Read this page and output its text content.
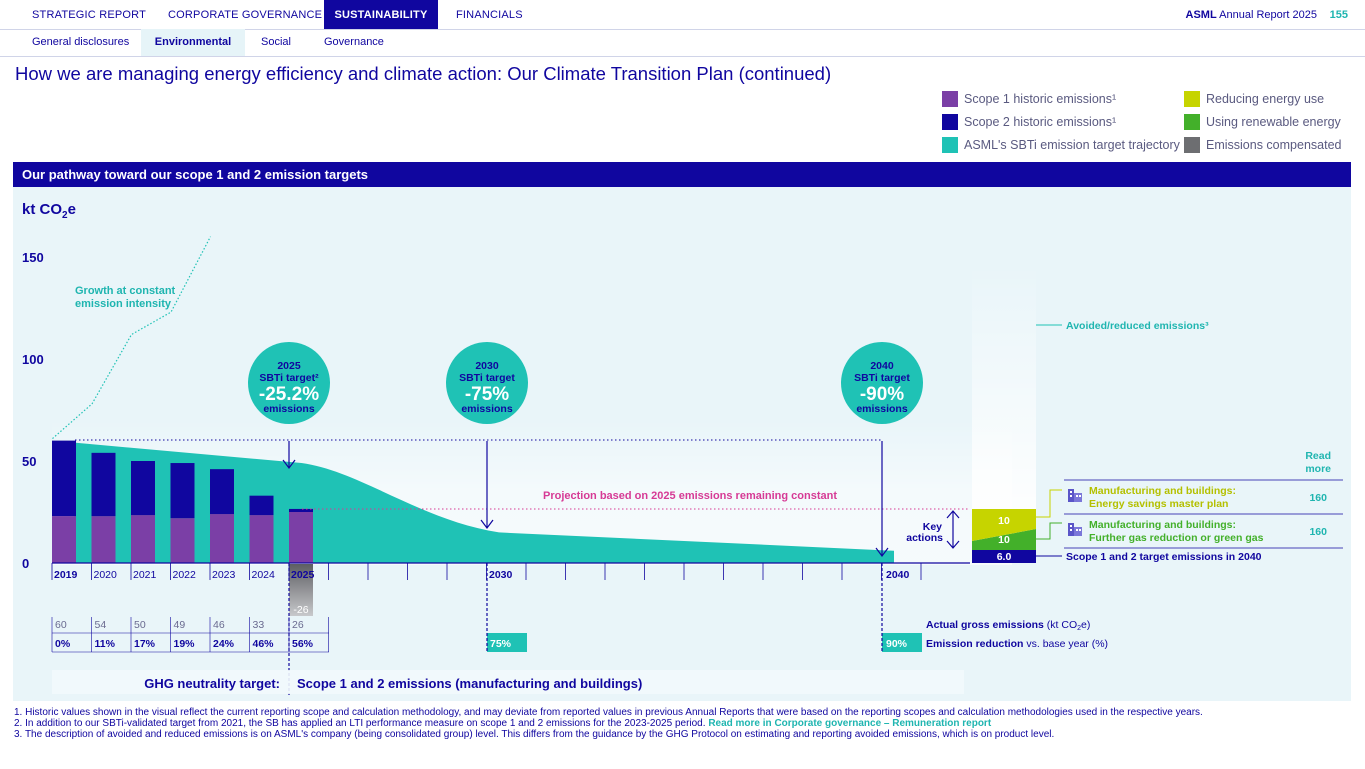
STRATEGIC REPORT CORPORATE GOVERNANCE	SUSTAINABILITY	FINANCIALS	ASML Annual Report 2025 155
General disclosures	Environmental	Social	Governance
How we are managing energy efficiency and climate action: Our Climate Transition Plan (continued)
Scope 1 historic emissions¹
Scope 2 historic emissions¹
ASML's SBTi emission target trajectory
Reducing energy use
Using renewable energy
Emissions compensated
Our pathway toward our scope 1 and 2 emission targets
kt $CO_2e$
0
50
100
150
Growth at constant
emission intensity
-26
Projection based on 2025 emissions remaining constant
2025
SBTi target²
-25.2%
emissions
2030
SBTi target
-75%
emissions
2040
SBTi target
-90%
emissions
2019 2020 2021 2022 2023 2024 2025	2030	2040
60	54	50	49	46	33	26
0% 11% 17% 19% 24% 46% 56%	75%	90%
Actual gross emissions (kt CO2e)
Emission reduction vs. base year (%)
6.0
10
10
Key
actions
Avoided/reduced emissions³
Scope 1 and 2 target emissions in 2040
Read
more
Manufacturing and buildings:
Energy savings master plan	160
Manufacturing and buildings:
Further gas reduction or green gas	160
GHG neutrality target: Scope 1 and 2 emissions (manufacturing and buildings)
1. Historic values shown in the visual reflect the current reporting scope and calculation methodology, and may deviate from reported values in previous Annual Reports that were based on the reporting scopes and calculation methodologies used in the respective years.
2. In addition to our SBTi-validated target from 2021, the SB has applied an LTI performance measure on scope 1 and 2 emissions for the 2023-2025 period. Read more in Corporate governance – Remuneration report
3. The description of avoided and reduced emissions is on ASML's company (being consolidated group) level. This differs from the guidance by the GHG Protocol on estimating and reporting avoided emissions, which is on product level.
